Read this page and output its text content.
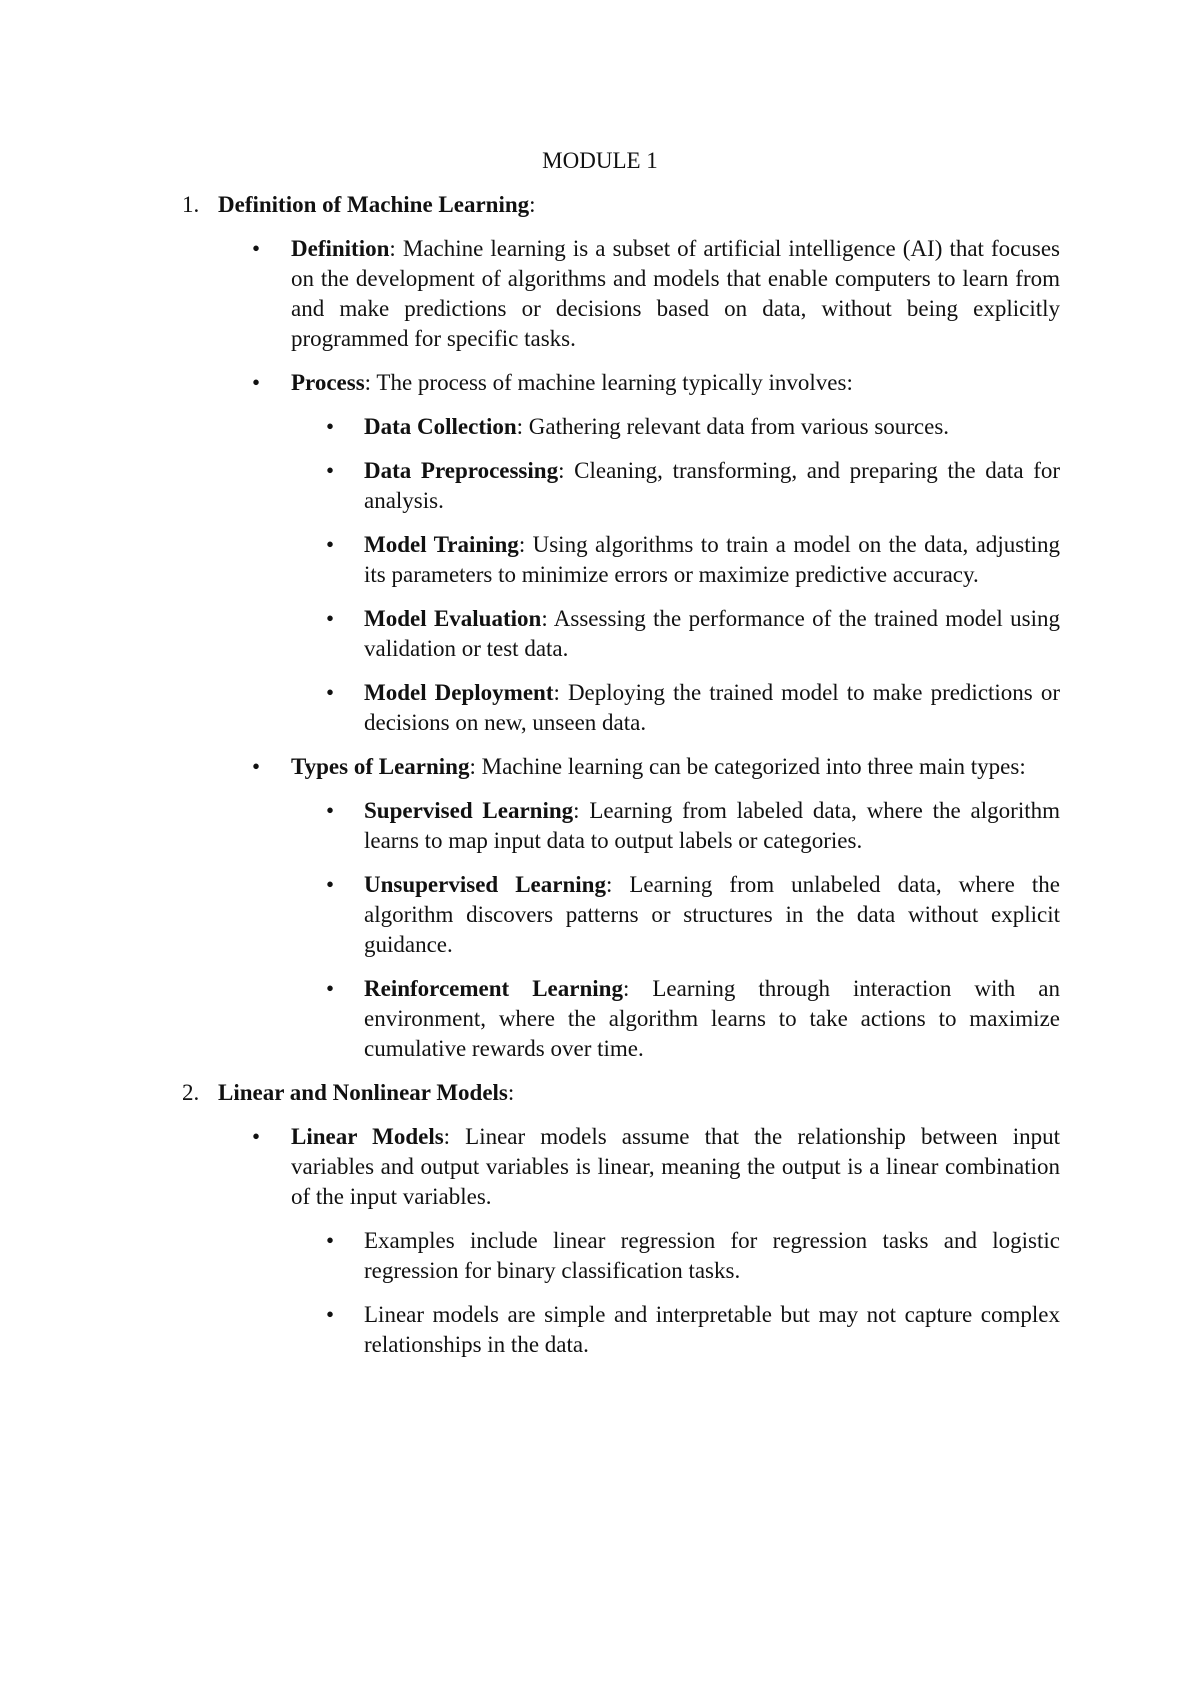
MODULE 1
1. Definition of Machine Learning:

• Definition: Machine learning is a subset of artificial intelligence (AI) that focuses on the development of algorithms and models that enable computers to learn from and make predictions or decisions based on data, without being explicitly programmed for specific tasks.

• Process: The process of machine learning typically involves:

• Data Collection: Gathering relevant data from various sources.

• Data Preprocessing: Cleaning, transforming, and preparing the data for analysis.

• Model Training: Using algorithms to train a model on the data, adjusting its parameters to minimize errors or maximize predictive accuracy.

• Model Evaluation: Assessing the performance of the trained model using validation or test data.

• Model Deployment: Deploying the trained model to make predictions or decisions on new, unseen data.

• Types of Learning: Machine learning can be categorized into three main types:

• Supervised Learning: Learning from labeled data, where the algorithm learns to map input data to output labels or categories.

• Unsupervised Learning: Learning from unlabeled data, where the algorithm discovers patterns or structures in the data without explicit guidance.

• Reinforcement Learning: Learning through interaction with an environment, where the algorithm learns to take actions to maximize cumulative rewards over time.

2. Linear and Nonlinear Models:

• Linear Models: Linear models assume that the relationship between input variables and output variables is linear, meaning the output is a linear combination of the input variables.

• Examples include linear regression for regression tasks and logistic regression for binary classification tasks.

• Linear models are simple and interpretable but may not capture complex relationships in the data.
